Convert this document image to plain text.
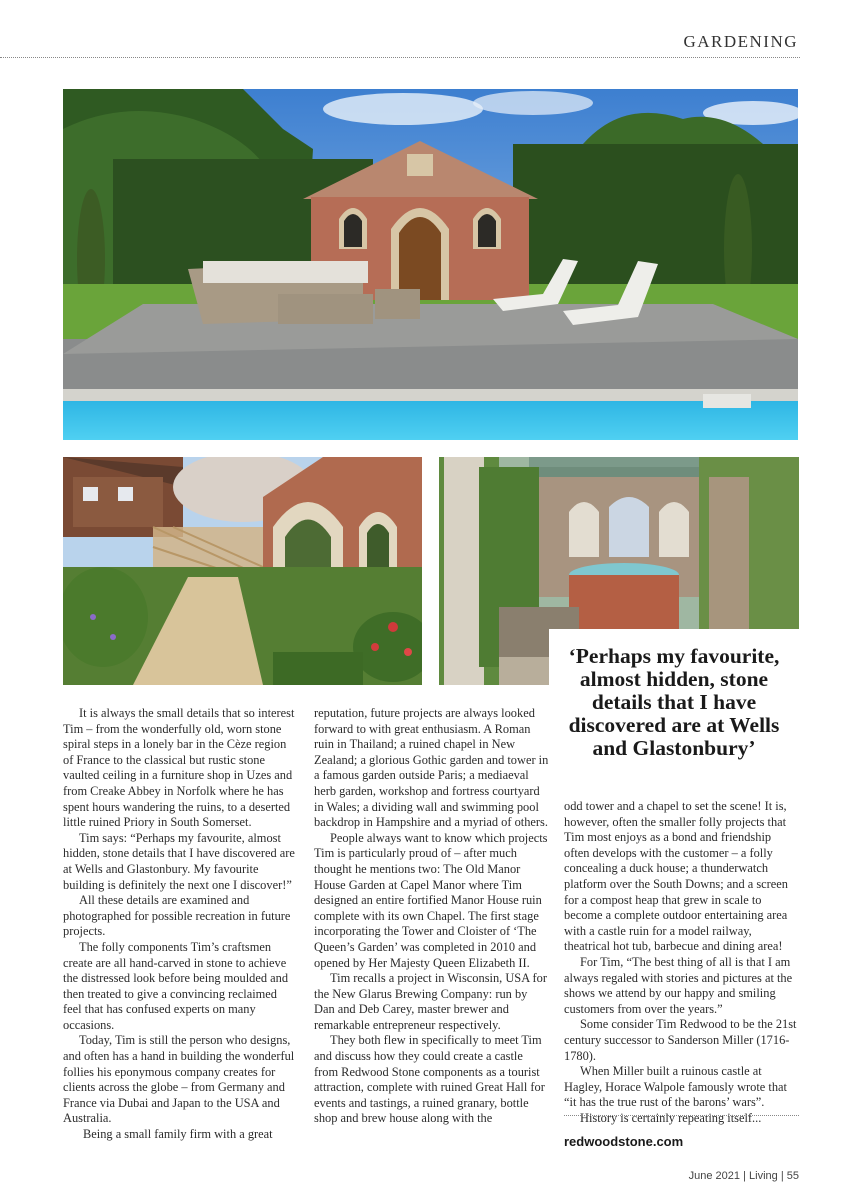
GARDENING

‘Perhaps my favourite, almost hidden, stone details that I have discovered are at Wells and Glastonbury’

It is always the small details that so interest Tim – from the wonderfully old, worn stone spiral steps in a lonely bar in the Cèze region of France to the classical but rustic stone vaulted ceiling in a furniture shop in Uzes and from Creake Abbey in Norfolk where he has spent hours wandering the ruins, to a deserted little ruined Priory in South Somerset.

Tim says: “Perhaps my favourite, almost hidden, stone details that I have discovered are at Wells and Glastonbury. My favourite building is definitely the next one I discover!”

All these details are examined and photographed for possible recreation in future projects.

The folly components Tim’s craftsmen create are all hand-carved in stone to achieve the distressed look before being moulded and then treated to give a convincing reclaimed feel that has confused experts on many occasions.

Today, Tim is still the person who designs, and often has a hand in building the wonderful follies his eponymous company creates for clients across the globe – from Germany and France via Dubai and Japan to the USA and Australia.

Being a small family firm with a great

reputation, future projects are always looked forward to with great enthusiasm. A Roman ruin in Thailand; a ruined chapel in New Zealand; a glorious Gothic garden and tower in a famous garden outside Paris; a mediaeval herb garden, workshop and fortress courtyard in Wales; a dividing wall and swimming pool backdrop in Hampshire and a myriad of others.

People always want to know which projects Tim is particularly proud of – after much thought he mentions two: The Old Manor House Garden at Capel Manor where Tim designed an entire fortified Manor House ruin complete with its own Chapel. The first stage incorporating the Tower and Cloister of ‘The Queen’s Garden’ was completed in 2010 and opened by Her Majesty Queen Elizabeth II.

Tim recalls a project in Wisconsin, USA for the New Glarus Brewing Company: run by Dan and Deb Carey, master brewer and remarkable entrepreneur respectively.

They both flew in specifically to meet Tim and discuss how they could create a castle from Redwood Stone components as a tourist attraction, complete with ruined Great Hall for events and tastings, a ruined granary, bottle shop and brew house along with the

odd tower and a chapel to set the scene! It is, however, often the smaller folly projects that Tim most enjoys as a bond and friendship often develops with the customer – a folly concealing a duck house; a thunderwatch platform over the South Downs; and a screen for a compost heap that grew in scale to become a complete outdoor entertaining area with a castle ruin for a model railway, theatrical hot tub, barbecue and dining area!

For Tim, “The best thing of all is that I am always regaled with stories and pictures at the shows we attend by our happy and smiling customers from over the years.”

Some consider Tim Redwood to be the 21st century successor to Sanderson Miller (1716-1780).

When Miller built a ruinous castle at Hagley, Horace Walpole famously wrote that “it has the true rust of the barons’ wars”.

History is certainly repeating itself...

redwoodstone.com
June 2021 | Living | 55
